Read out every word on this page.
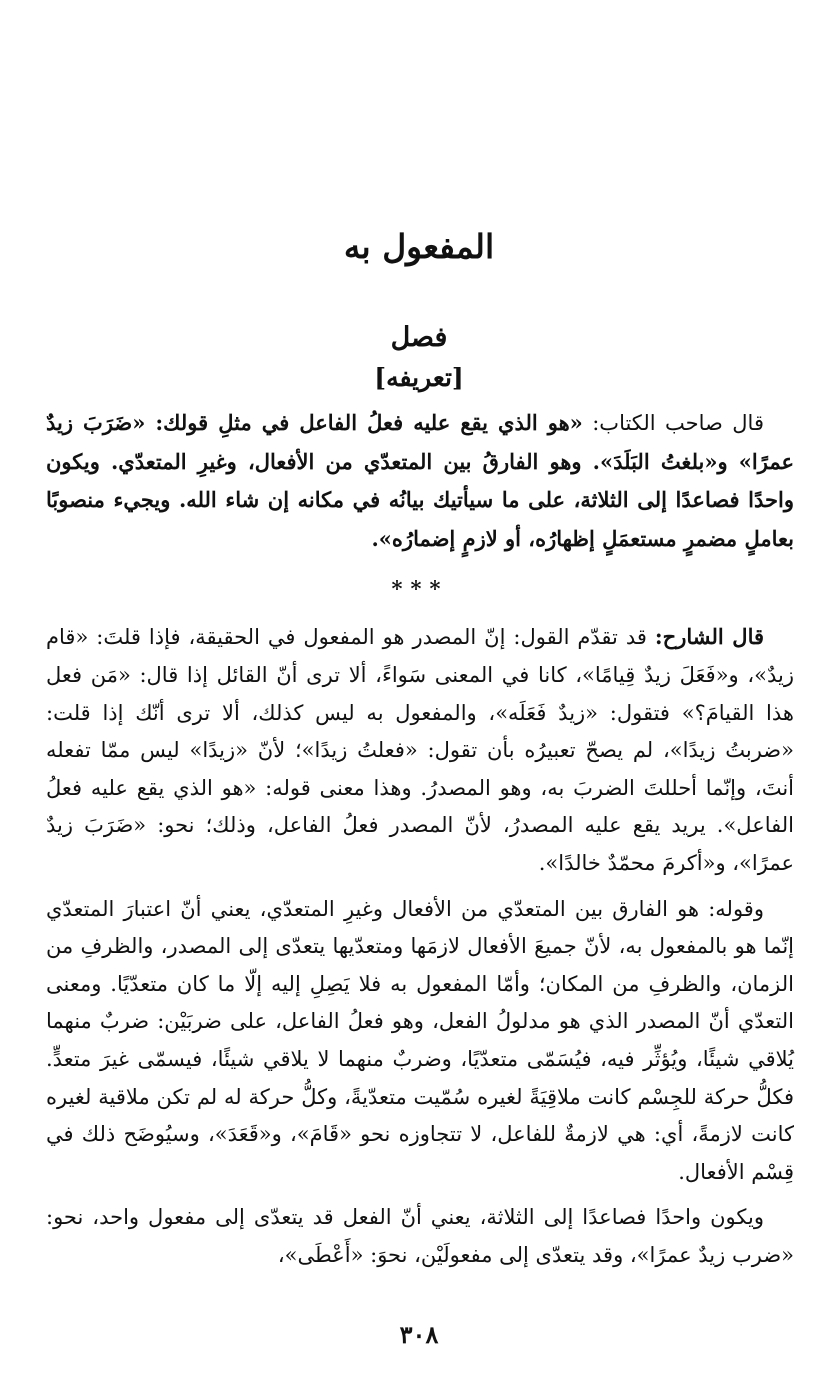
المفعول به
فصل
[تعريفه]

قال صاحب الكتاب: «هو الذي يقع عليه فعلُ الفاعل في مثلِ قولك: «ضَرَبَ زيدٌ عمرًا» و«بلغتُ البَلَدَ». وهو الفارقُ بين المتعدّي من الأفعال، وغيرِ المتعدّي. ويكون واحدًا فصاعدًا إلى الثلاثة، على ما سيأتيك بيانُه في مكانه إن شاء الله. ويجيء منصوبًا بعاملٍ مضمرٍ مستعمَلٍ إظهارُه، أو لازمٍ إضمارُه».

***

قال الشارح: قد تقدّم القول: إنّ المصدر هو المفعول في الحقيقة، فإذا قلتَ: «قام زيدٌ»، و«فَعَلَ زيدٌ قِيامًا»، كانا في المعنى سَواءً، ألا ترى أنّ القائل إذا قال: «مَن فعل هذا القيامَ؟» فتقول: «زيدٌ فَعَلَه»، والمفعول به ليس كذلك، ألا ترى أنّك إذا قلت: «ضربتُ زيدًا»، لم يصحّ تعبيرُه بأن تقول: «فعلتُ زيدًا»؛ لأنّ «زيدًا» ليس ممّا تفعله أنتَ، وإنّما أحللتَ الضربَ به، وهو المصدرُ. وهذا معنى قوله: «هو الذي يقع عليه فعلُ الفاعل». يريد يقع عليه المصدرُ، لأنّ المصدر فعلُ الفاعل، وذلك؛ نحو: «ضَرَبَ زيدٌ عمرًا»، و«أكرمَ محمّدٌ خالدًا».

وقوله: هو الفارق بين المتعدّي من الأفعال وغيرِ المتعدّي، يعني أنّ اعتبارَ المتعدّي إنّما هو بالمفعول به، لأنّ جميعَ الأفعال لازمَها ومتعدّيها يتعدّى إلى المصدر، والظرفِ من الزمان، والظرفِ من المكان؛ وأمّا المفعول به فلا يَصِلِ إليه إلّا ما كان متعدّيًا. ومعنى التعدّي أنّ المصدر الذي هو مدلولُ الفعل، وهو فعلُ الفاعل، على ضربَيْن: ضربٌ منهما يُلاقي شيئًا، ويُؤثِّر فيه، فيُسَمّى متعدّيًا، وضربٌ منهما لا يلاقي شيئًا، فيسمّى غيرَ متعدٍّ. فكلُّ حركة للجِسْم كانت ملاقِيَةً لغيره سُمّيت متعدّيةً، وكلُّ حركة له لم تكن ملاقية لغيره كانت لازمةً، أي: هي لازمةٌ للفاعل، لا تتجاوزه نحو «قَامَ»، و«قَعَدَ»، وسيُوضَح ذلك في قِسْم الأفعال.

ويكون واحدًا فصاعدًا إلى الثلاثة، يعني أنّ الفعل قد يتعدّى إلى مفعول واحد، نحو: «ضرب زيدٌ عمرًا»، وقد يتعدّى إلى مفعولَيْن، نحوَ: «أَعْطَى»،

٣٠٨
